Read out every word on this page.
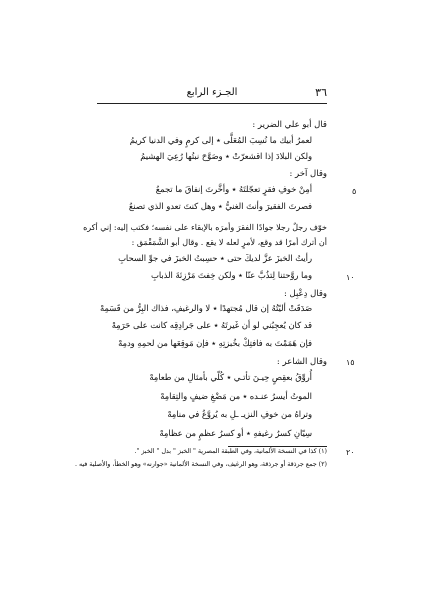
٣٦
الجـزء الرابع
قال أبو علي الضرير :
لعمرُ أبيك ما نُسِبَ المُعَلَّى ٭ إلى كرمٍ وفي الدنيا كريمُ
ولكن البلادَ إذا اقشعرّتْ ٭ وصَوَّحَ نبتُها رُعِيَ الهشيمُ
وقال آخر :
أمِنْ خوفِ فقرٍ تعجّلتَهُ ٭ وأخَّرتَ إنفاقَ ما تجمعُ
فصرتَ الفقيرَ وأنتَ الغنيُّ ٭ وهل كنتَ تعدو الذي تصنعُ
خوّف رجلٌ رجلا جوادًا الفقرَ وأمرَه بالإبقاء على نفسه؛ فكتب إليه: إني أكره
أن أترك أمرًا قد وقع، لأمرٍ لعله لا يقع . وقال أبو الشَّمَقْمَق :
رأيتُ الخبزَ عزَّ لديكَ حتى ٭ حسِبتُ الخبزَ في جوِّ السحابِ
وما روَّحتنا لِتذُبَّ عنّا ٭ ولكن خِفتَ مَرْزِئةَ الذبابِ
وقال دِعْبِل :
صَدَقَتْ أليّتُهُ إن قال مُجتهدًا ٭ لا والرغيفِ، فذاك البِرُّ من قَسَمِهْ
قد كان يُعجِبُني لو أن غَيرتَهُ ٭ على جَرادِقِه كانت على حَرَمِهْ
فإن هَمَمْتَ به فافتِكْ بخُبزتِهِ ٭ فإن مَوقِعَها من لحمِهِ ودمِهْ
وقال الشاعر :
أُروِّقُ بعقِصٍ حِيـنَ تأتـي ٭ كُلّي بأمثالِ من طعامِهْ
الموتُ أيسرُ عنـده ٭ من مَضْغِ ضيفٍ والتِقامِهْ
وتراهُ من خوفِ النزيـ ـلِ به يُروَّعُ في منامِهْ
سِيّانِ كسرُ رغيفهِ ٭ أو كسرُ عظمٍ من عظامِهْ
٥
١٠
١٥
٢٠
(١) كذا في النسخة الألمانية، وفي الطبقة المصرية " الخبز " بدل " الخبز ".
(٢) جمع جرذقة أو جرذقة، وهو الرغيف، وفي النسخة الألمانية «جوارنه» وهو الخطأ، والأصلية فيه .
